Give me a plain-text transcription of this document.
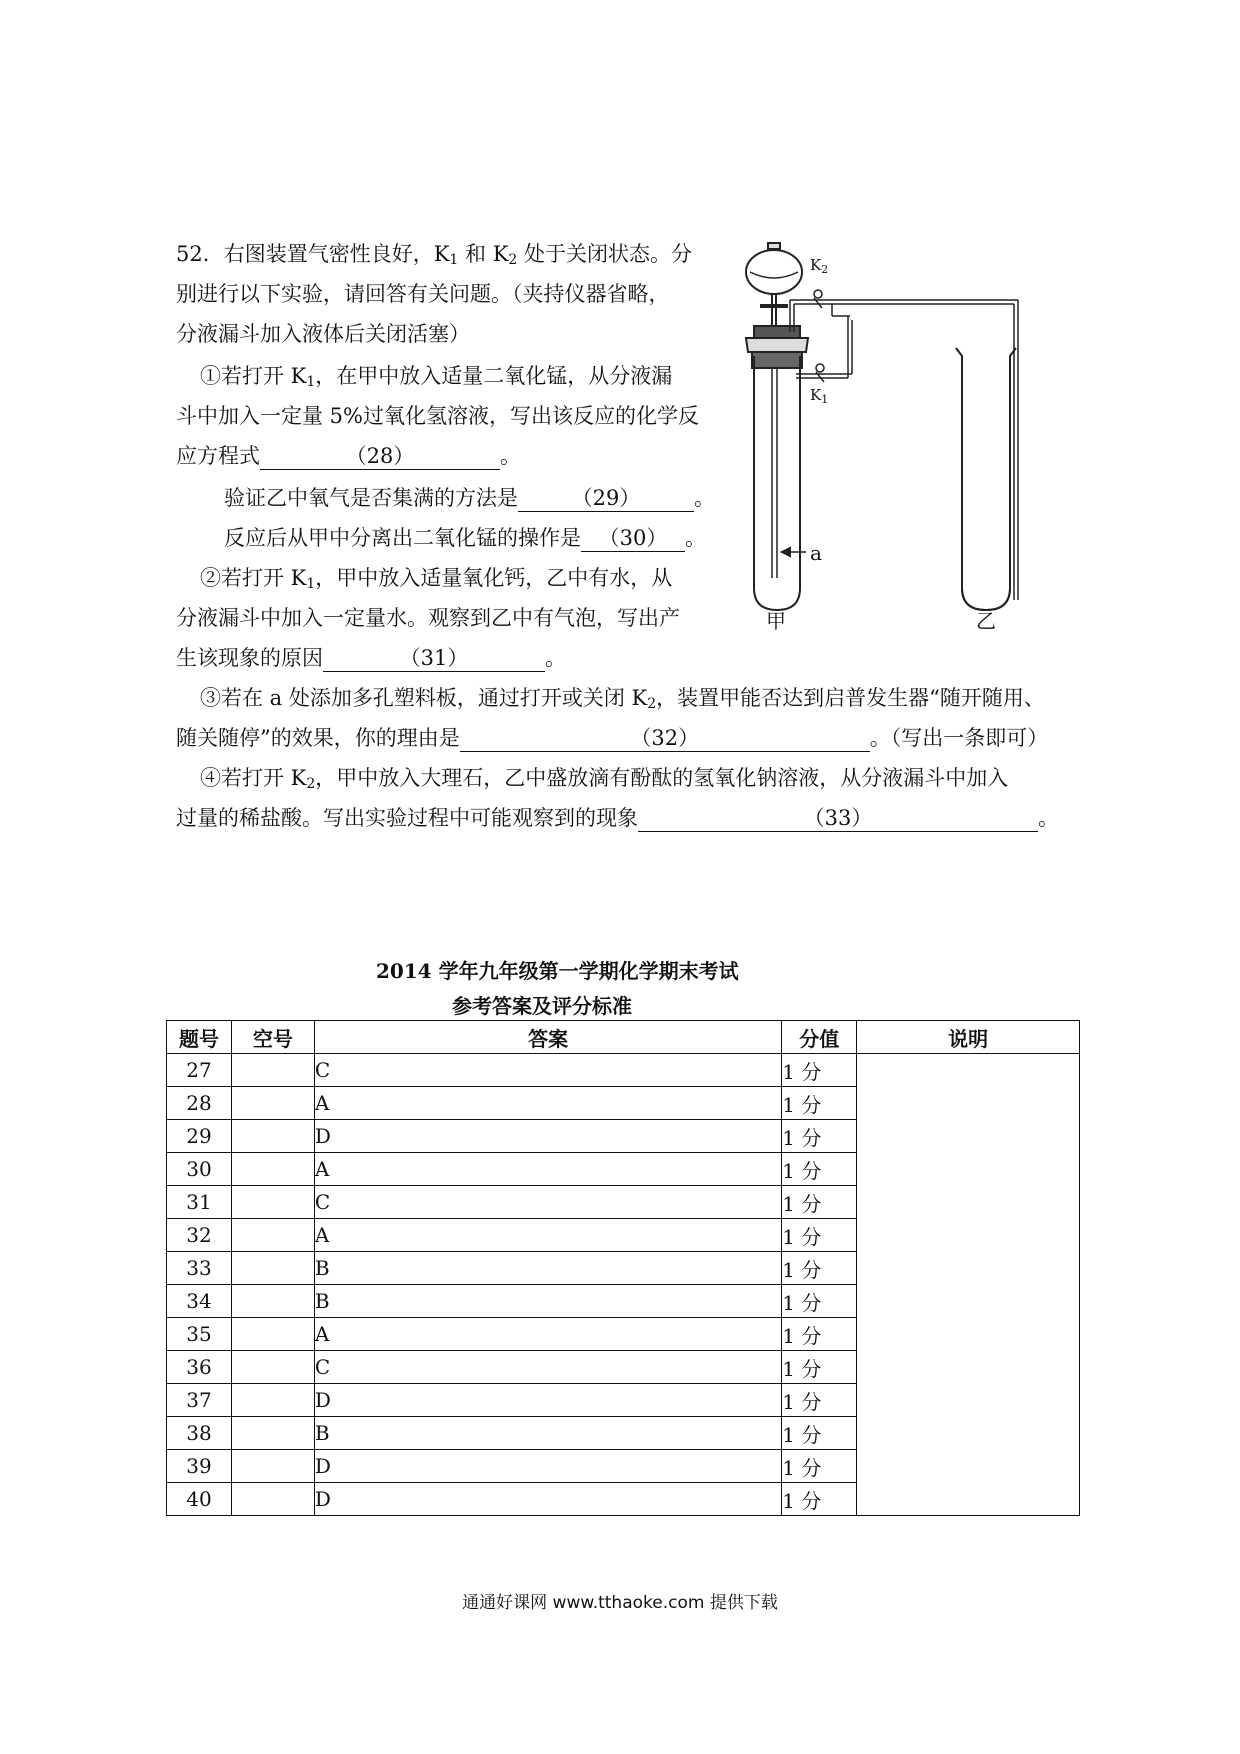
52．右图装置气密性良好，$K_1$ 和 $K_2$ 处于关闭状态。分
别进行以下实验，请回答有关问题。（夹持仪器省略，
分液漏斗加入液体后关闭活塞）
①若打开 $K_1$，在甲中放入适量二氧化锰，从分液漏
斗中加入一定量 5%过氧化氢溶液，写出该反应的化学反
应方程式	（28）	。
验证乙中氧气是否集满的方法是	（29）	。
反应后从甲中分离出二氧化锰的操作是 （30） 。
②若打开 $K_1$，甲中放入适量氧化钙，乙中有水，从
分液漏斗中加入一定量水。观察到乙中有气泡，写出产
生该现象的原因	（31）	。
③若在 a 处添加多孔塑料板，通过打开或关闭 $K_2$，装置甲能否达到启普发生器“随开随用、
随关随停”的效果，你的理由是	（32）	。（写出一条即可）
④若打开 $K_2$，甲中放入大理石，乙中盛放滴有酚酞的氢氧化钠溶液，从分液漏斗中加入
过量的稀盐酸。写出实验过程中可能观察到的现象	（33）	。
$K_2$
$K_1$
a
甲	乙
2014 学年九年级第一学期化学期末考试
参考答案及评分标准
题号	空号	答案	分值	说明
27		C	1 分	
28		A	1 分	
29		D	1 分	
30		A	1 分	
31		C	1 分	
32		A	1 分	
33		B	1 分	
34		B	1 分	
35		A	1 分	
36		C	1 分	
37		D	1 分	
38		B	1 分	
39		D	1 分	
40		D	1 分	
通通好课网 www.tthaoke.com 提供下载
